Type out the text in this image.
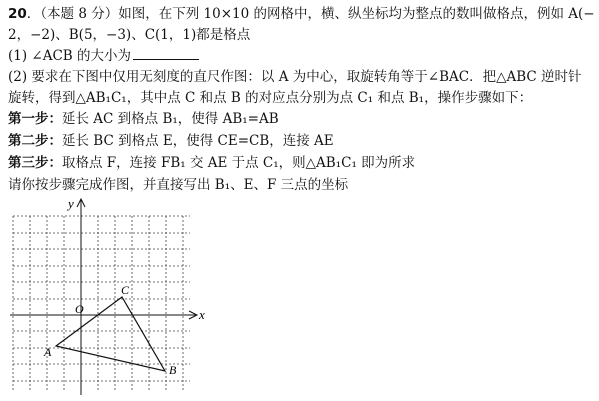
20．（本题 8 分）如图，在下列 10×10 的网格中，横、纵坐标均为整点的数叫做格点，例如 A(−
2，−2)、B(5，−3)、C(1，1)都是格点
(1) ∠ACB 的大小为
(2) 要求在下图中仅用无刻度的直尺作图：以 A 为中心，取旋转角等于∠BAC．把△ABC 逆时针
旋转，得到△AB₁C₁，其中点 C 和点 B 的对应点分别为点 C₁ 和点 B₁，操作步骤如下：
第一步：延长 AC 到格点 B₁，使得 AB₁=AB
第二步：延长 BC 到格点 E，使得 CE=CB，连接 AE
第三步：取格点 F，连接 FB₁ 交 AE 于点 C₁，则△AB₁C₁ 即为所求
请你按步骤完成作图，并直接写出 B₁、E、F 三点的坐标
y
x
O
A
B
C
